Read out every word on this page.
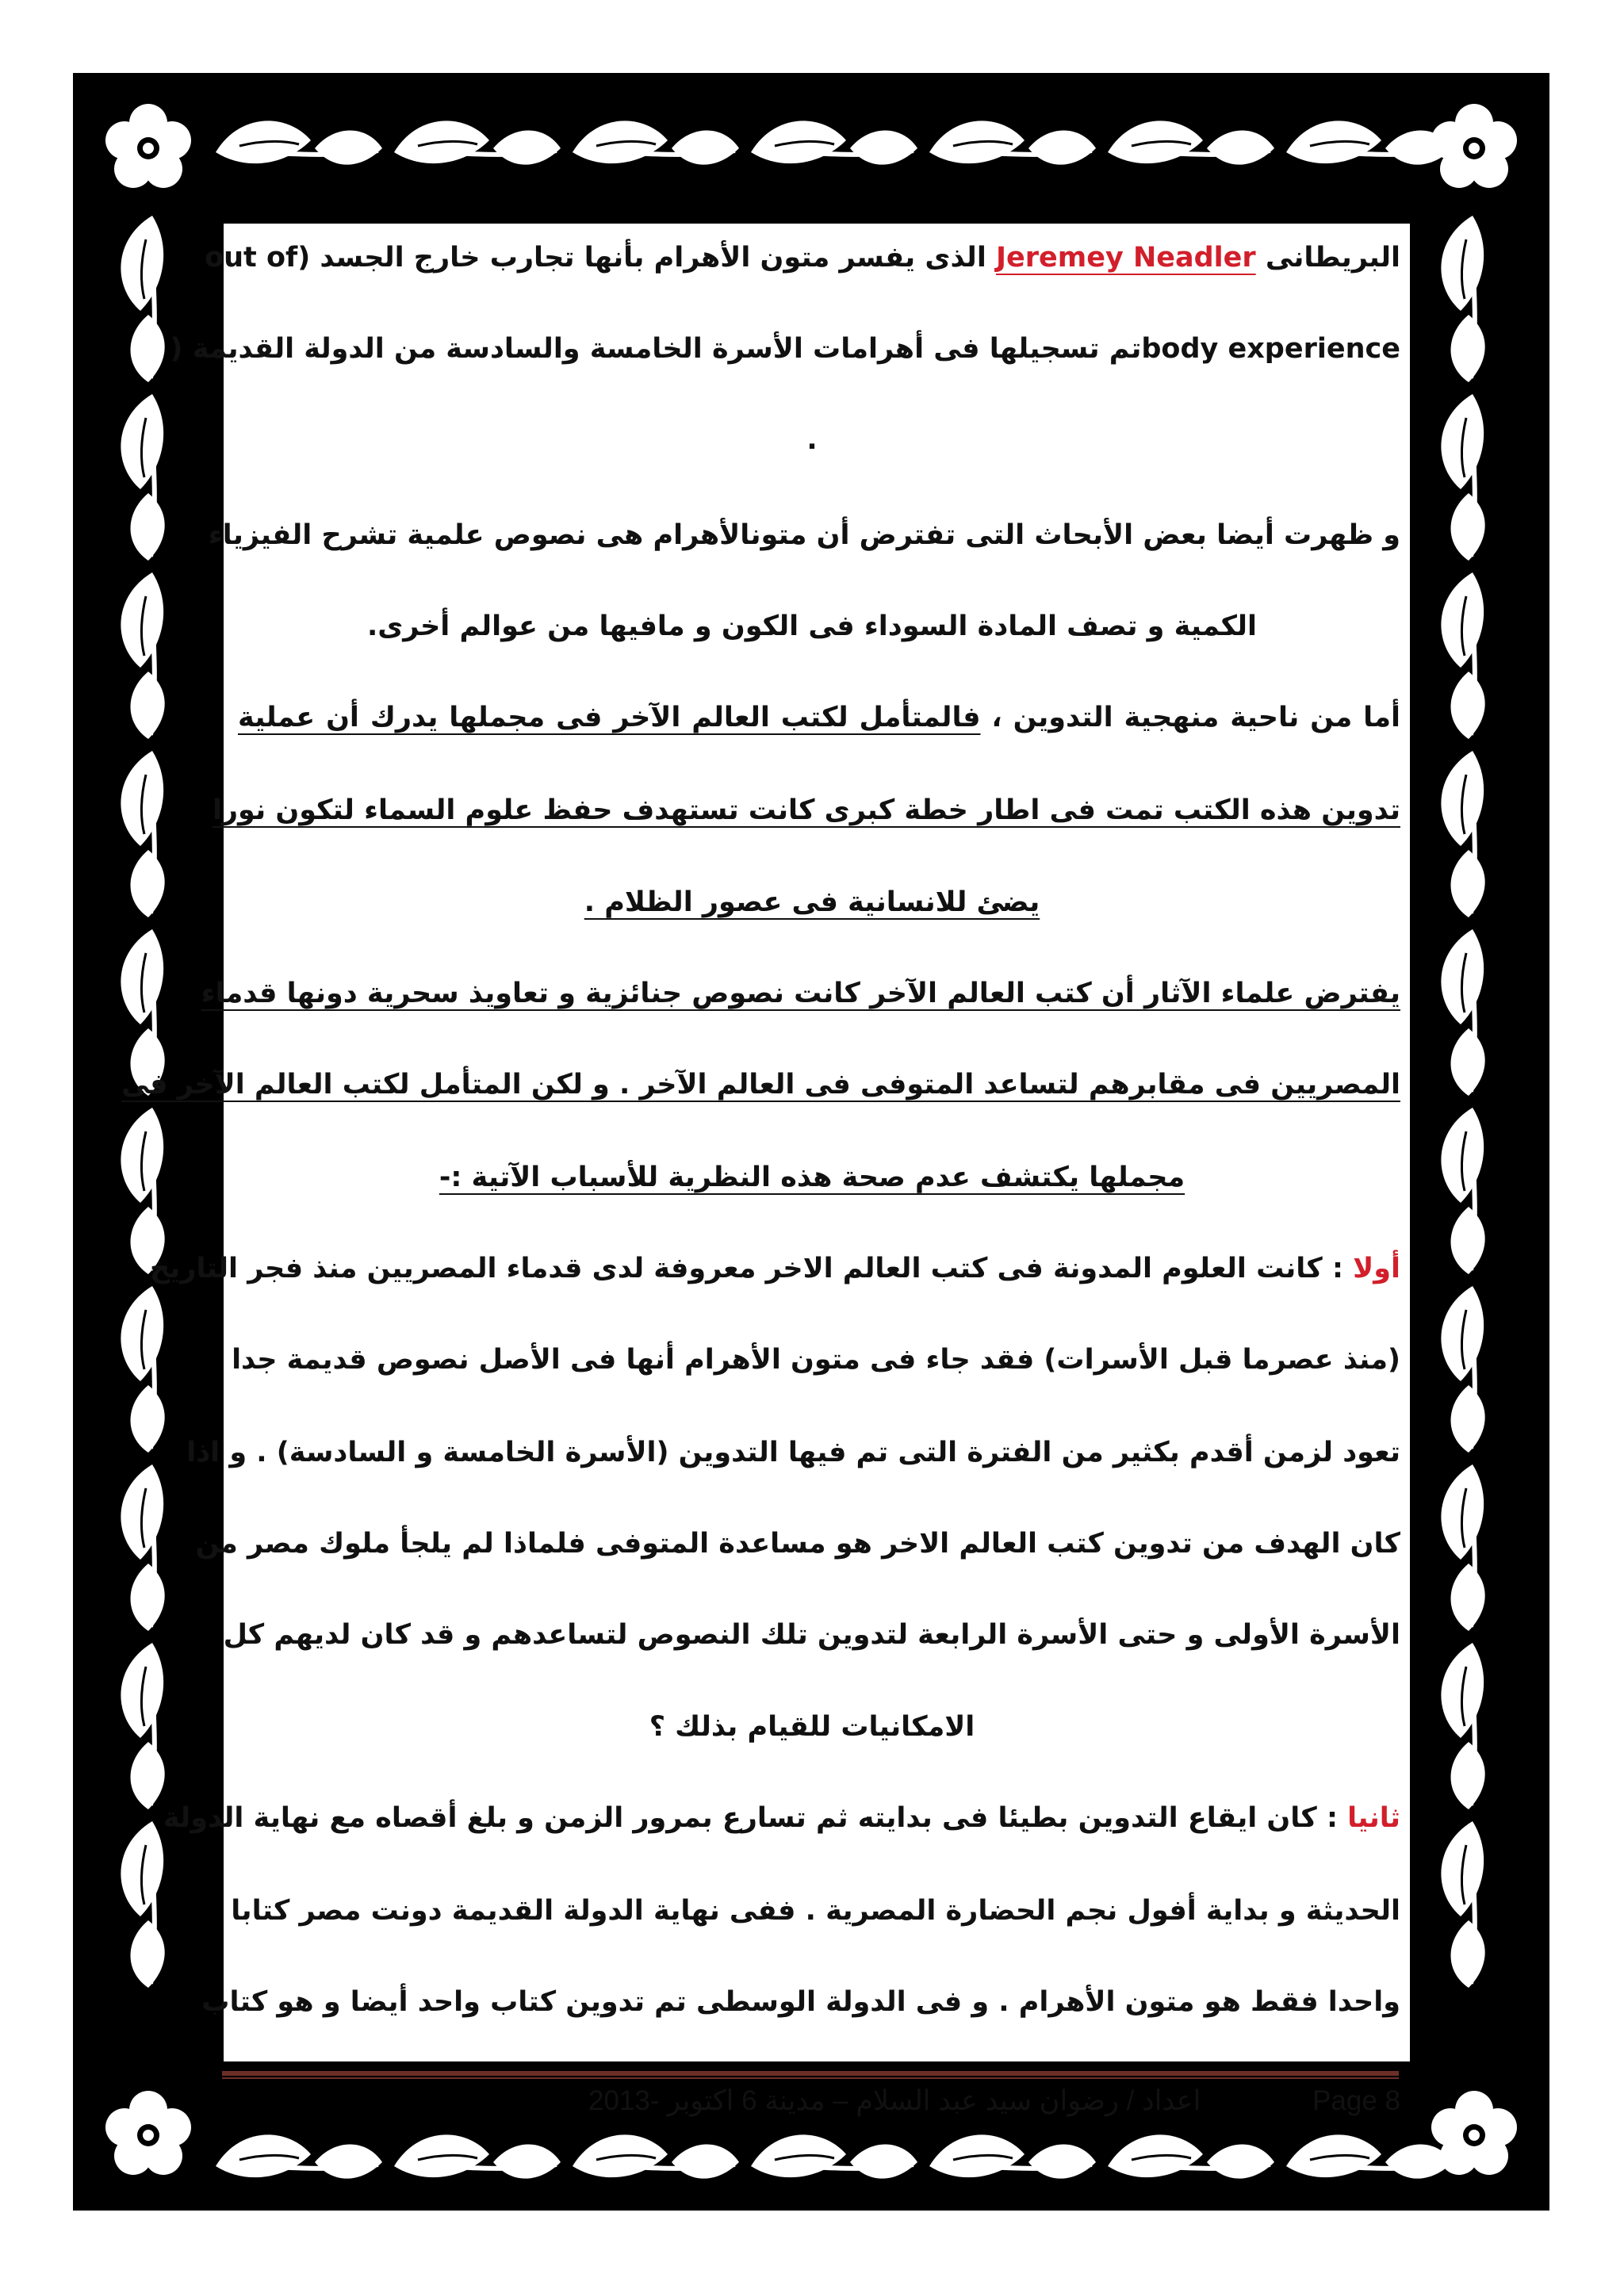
البريطانى Jeremey Neadler الذى يفسر متون الأهرام بأنها تجارب خارج الجسد (out of
body experienceتم تسجيلها فى أهرامات الأسرة الخامسة والسادسة من الدولة القديمة (
.
و ظهرت أيضا بعض الأبحاث التى تفترض أن متونالأهرام هى نصوص علمية تشرح الفيزياء
الكمية و تصف المادة السوداء فى الكون و مافيها من عوالم أخرى.
أما من ناحية منهجية التدوين ، فالمتأمل لكتب العالم الآخر فى مجملها يدرك أن عملية
تدوين هذه الكتب تمت فى اطار خطة كبرى كانت تستهدف حفظ علوم السماء لتكون نورا
يضئ للانسانية فى عصور الظلام .
يفترض علماء الآثار أن كتب العالم الآخر كانت نصوص جنائزية و تعاويذ سحرية دونها قدماء
المصريين فى مقابرهم لتساعد المتوفى فى العالم الآخر . و لكن المتأمل لكتب العالم الآخر فى
مجملها يكتشف عدم صحة هذه النظرية للأسباب الآتية :-
أولا : كانت العلوم المدونة فى كتب العالم الاخر معروفة لدى قدماء المصريين منذ فجر التاريخ
(منذ عصرما قبل الأسرات) فقد جاء فى متون الأهرام أنها فى الأصل نصوص قديمة جدا
تعود لزمن أقدم بكثير من الفترة التى تم فيها التدوين (الأسرة الخامسة و السادسة) . و اذا
كان الهدف من تدوين كتب العالم الاخر هو مساعدة المتوفى فلماذا لم يلجأ ملوك مصر من
الأسرة الأولى و حتى الأسرة الرابعة لتدوين تلك النصوص لتساعدهم و قد كان لديهم كل
الامكانيات للقيام بذلك ؟
ثانيا : كان ايقاع التدوين بطيئا فى بدايته ثم تسارع بمرور الزمن و بلغ أقصاه مع نهاية الدولة
الحديثة و بداية أفول نجم الحضارة المصرية . ففى نهاية الدولة القديمة دونت مصر كتابا
واحدا فقط هو متون الأهرام . و فى الدولة الوسطى تم تدوين كتاب واحد أيضا و هو كتاب
Page 8
اعداد / رضوان سيد عبد السلام – مدينة 6 اكتوبر -2013
